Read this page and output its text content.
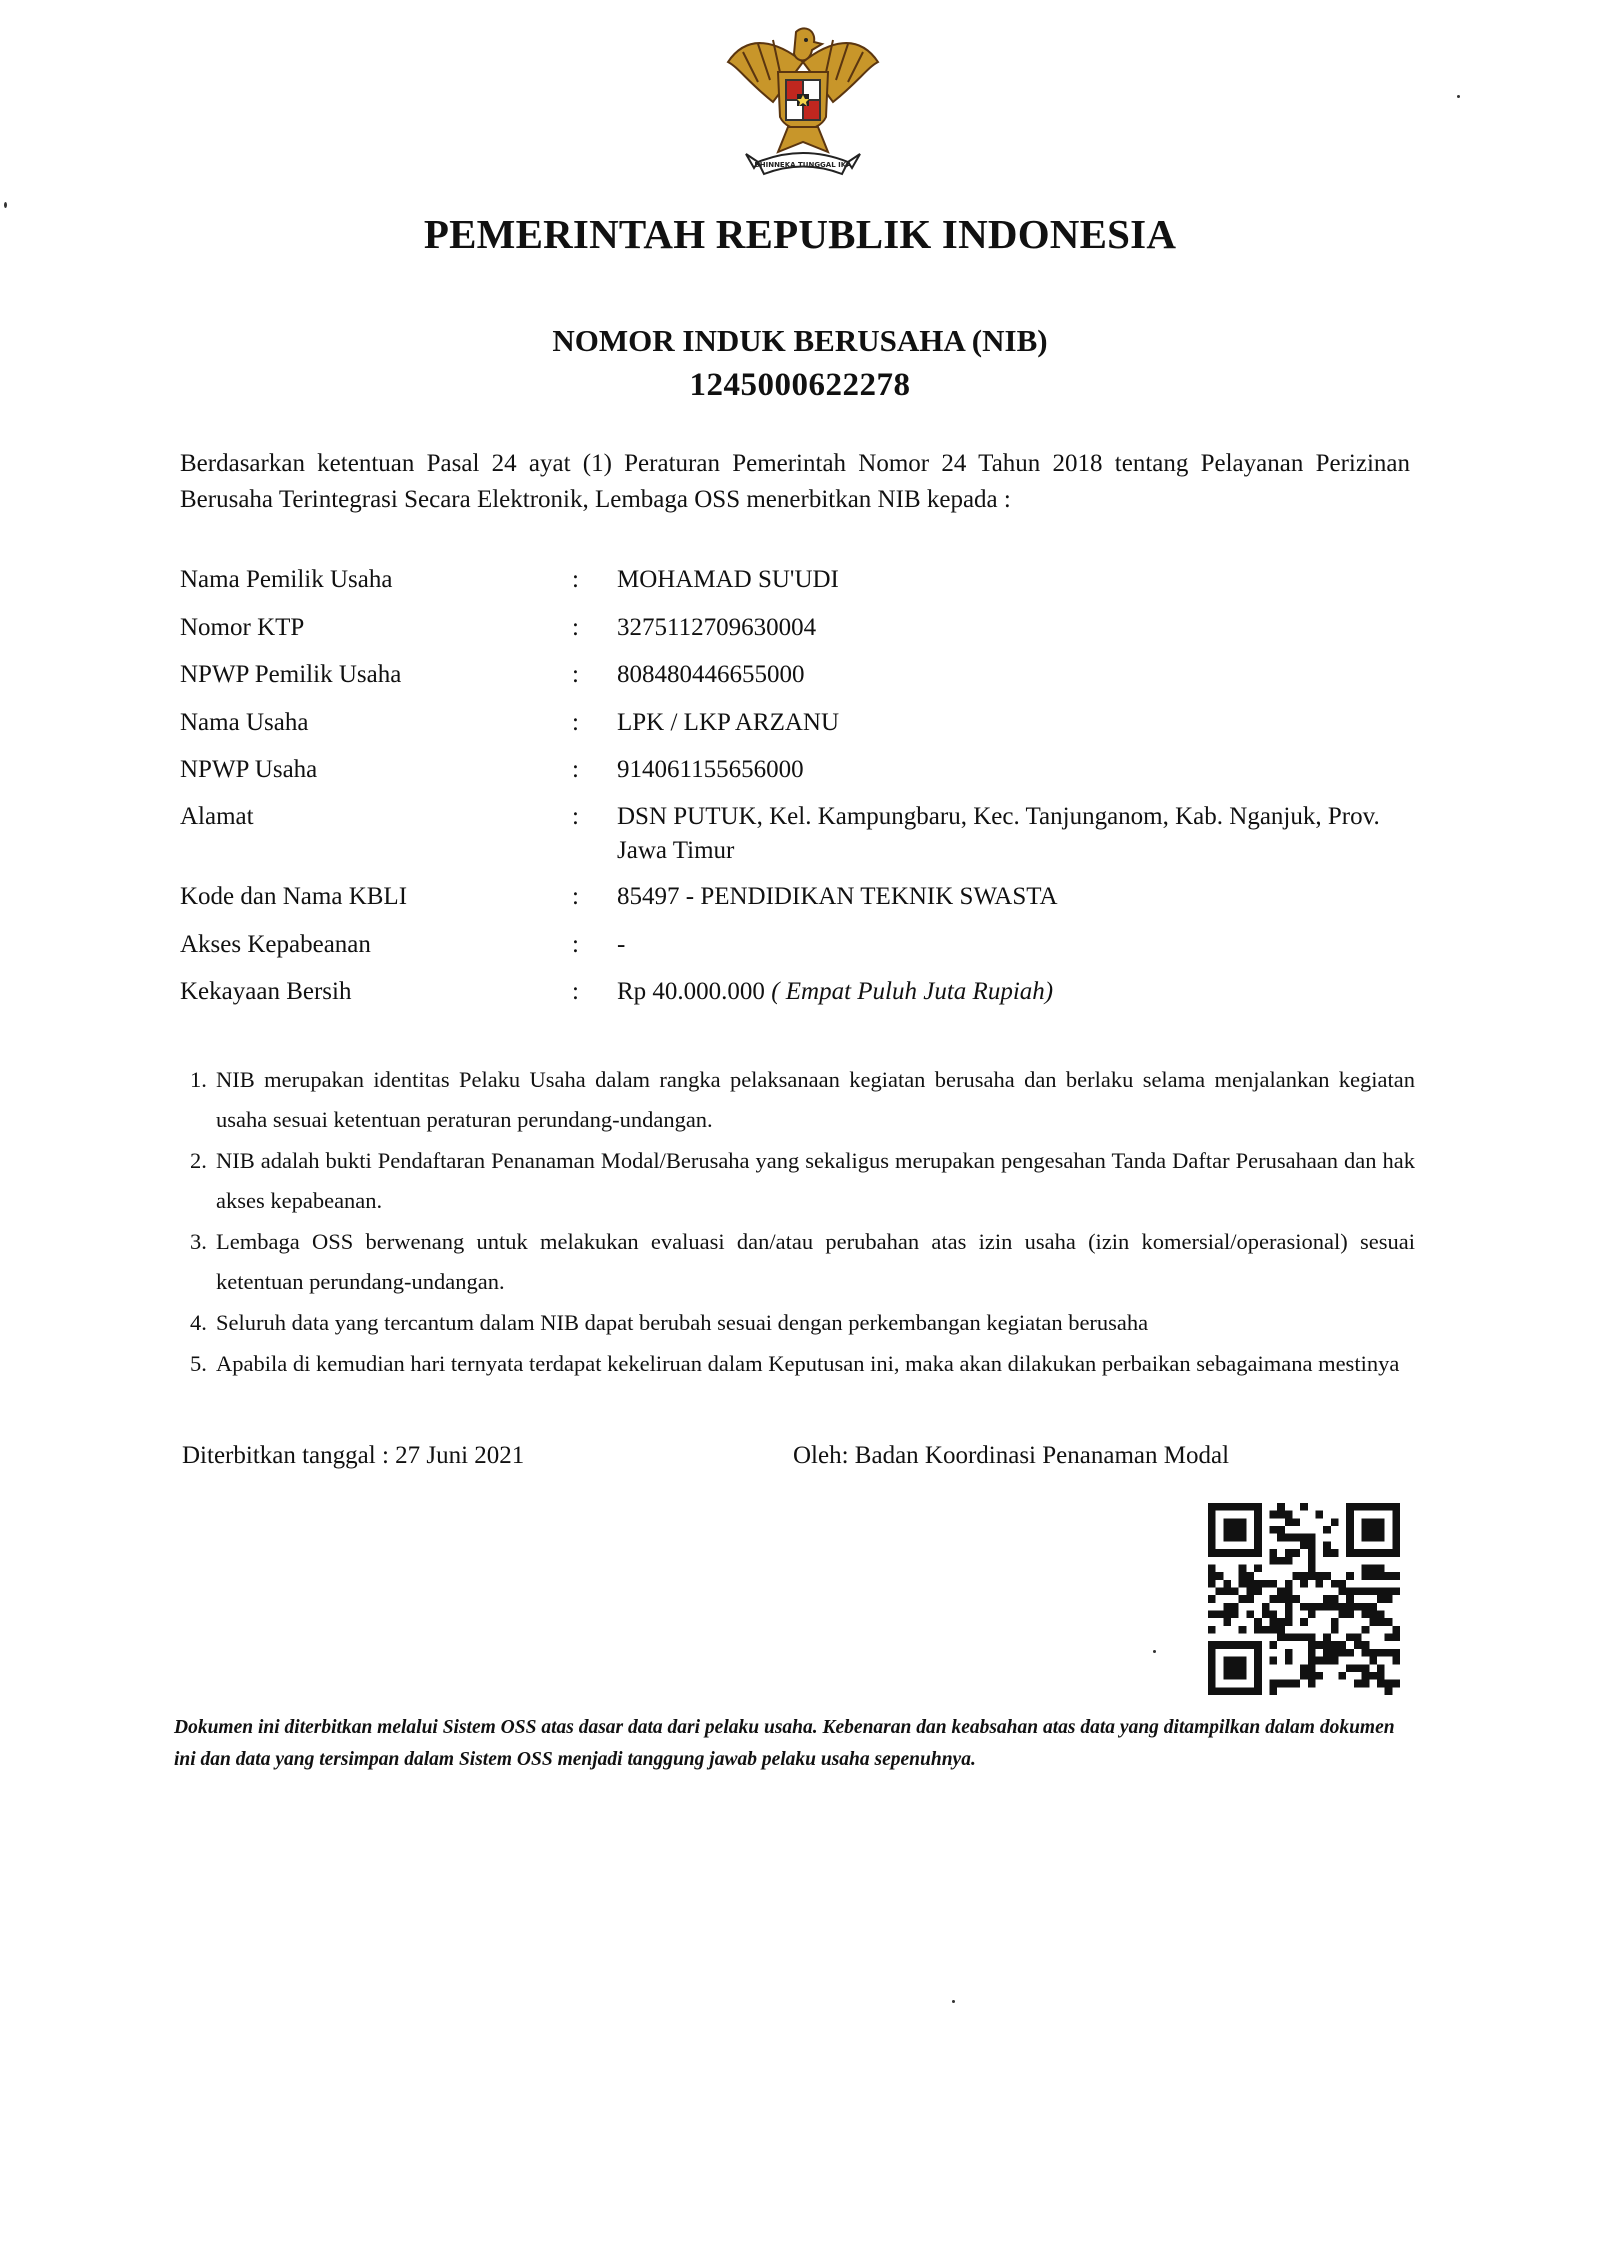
BHINNEKA TUNGGAL IKA
PEMERINTAH REPUBLIK INDONESIA
NOMOR INDUK BERUSAHA (NIB)
1245000622278
Berdasarkan ketentuan Pasal 24 ayat (1) Peraturan Pemerintah Nomor 24 Tahun 2018 tentang Pelayanan Perizinan Berusaha Terintegrasi Secara Elektronik, Lembaga OSS menerbitkan NIB kepada :
Nama Pemilik Usaha	:	MOHAMAD SU'UDI
Nomor KTP	:	3275112709630004
NPWP Pemilik Usaha	:	808480446655000
Nama Usaha	:	LPK / LKP ARZANU
NPWP Usaha	:	914061155656000
Alamat	:	DSN PUTUK, Kel. Kampungbaru, Kec. Tanjunganom, Kab. Nganjuk, Prov. Jawa Timur
Kode dan Nama KBLI	:	85497 - PENDIDIKAN TEKNIK SWASTA
Akses Kepabeanan	:	-
Kekayaan Bersih	:	Rp 40.000.000 ( Empat Puluh Juta Rupiah)
1. NIB merupakan identitas Pelaku Usaha dalam rangka pelaksanaan kegiatan berusaha dan berlaku selama menjalankan kegiatan usaha sesuai ketentuan peraturan perundang-undangan.
2. NIB adalah bukti Pendaftaran Penanaman Modal/Berusaha yang sekaligus merupakan pengesahan Tanda Daftar Perusahaan dan hak akses kepabeanan.
3. Lembaga OSS berwenang untuk melakukan evaluasi dan/atau perubahan atas izin usaha (izin komersial/operasional) sesuai ketentuan perundang-undangan.
4. Seluruh data yang tercantum dalam NIB dapat berubah sesuai dengan perkembangan kegiatan berusaha
5. Apabila di kemudian hari ternyata terdapat kekeliruan dalam Keputusan ini, maka akan dilakukan perbaikan sebagaimana mestinya
Diterbitkan tanggal : 27 Juni 2021	Oleh: Badan Koordinasi Penanaman Modal
Dokumen ini diterbitkan melalui Sistem OSS atas dasar data dari pelaku usaha. Kebenaran dan keabsahan atas data yang ditampilkan dalam dokumen ini dan data yang tersimpan dalam Sistem OSS menjadi tanggung jawab pelaku usaha sepenuhnya.
